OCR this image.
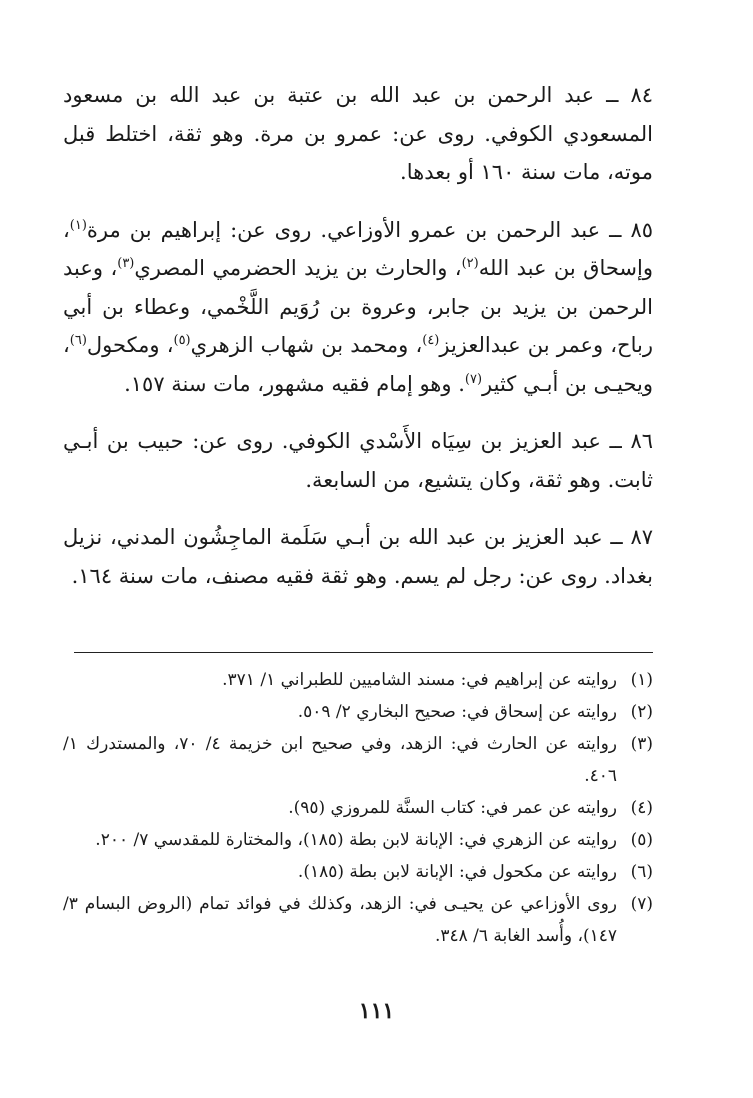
٨٤ ــ عبد الرحمن بن عبد الله بن عتبة بن عبد الله بن مسعود المسعودي الكوفي. روى عن: عمرو بن مرة. وهو ثقة، اختلط قبل موته، مات سنة ١٦٠ أو بعدها.

٨٥ ــ عبد الرحمن بن عمرو الأوزاعي. روى عن: إبراهيم بن مرة$^{(١)}$، وإسحاق بن عبد الله$^{(٢)}$، والحارث بن يزيد الحضرمي المصري$^{(٣)}$، وعبد الرحمن بن يزيد بن جابر، وعروة بن رُوَيم اللَّخْمي، وعطاء بن أبي رباح، وعمر بن عبدالعزيز$^{(٤)}$، ومحمد بن شهاب الزهري$^{(٥)}$، ومكحول$^{(٦)}$، ويحيـى بن أبـي كثير$^{(٧)}$. وهو إمام فقيه مشهور، مات سنة ١٥٧.

٨٦ ــ عبد العزيز بن سِيَاه الأَسْدي الكوفي. روى عن: حبيب بن أبـي ثابت. وهو ثقة، وكان يتشيع، من السابعة.

٨٧ ــ عبد العزيز بن عبد الله بن أبـي سَلَمة الماجِشُون المدني، نزيل بغداد. روى عن: رجل لم يسم. وهو ثقة فقيه مصنف، مات سنة ١٦٤.

(١)
روايته عن إبراهيم في: مسند الشاميين للطبراني ١/ ٣٧١.
(٢)
روايته عن إسحاق في: صحيح البخاري ٢/ ٥٠٩.
(٣)
روايته عن الحارث في: الزهد، وفي صحيح ابن خزيمة ٤/ ٧٠، والمستدرك ١/ ٤٠٦.
(٤)
روايته عن عمر في: كتاب السنَّة للمروزي (٩٥).
(٥)
روايته عن الزهري في: الإبانة لابن بطة (١٨٥)، والمختارة للمقدسي ٧/ ٢٠٠.
(٦)
روايته عن مكحول في: الإبانة لابن بطة (١٨٥).
(٧)
روى الأوزاعي عن يحيـى في: الزهد، وكذلك في فوائد تمام (الروض البسام ٣/ ١٤٧)، وأُسد الغابة ٦/ ٣٤٨.
١١١
